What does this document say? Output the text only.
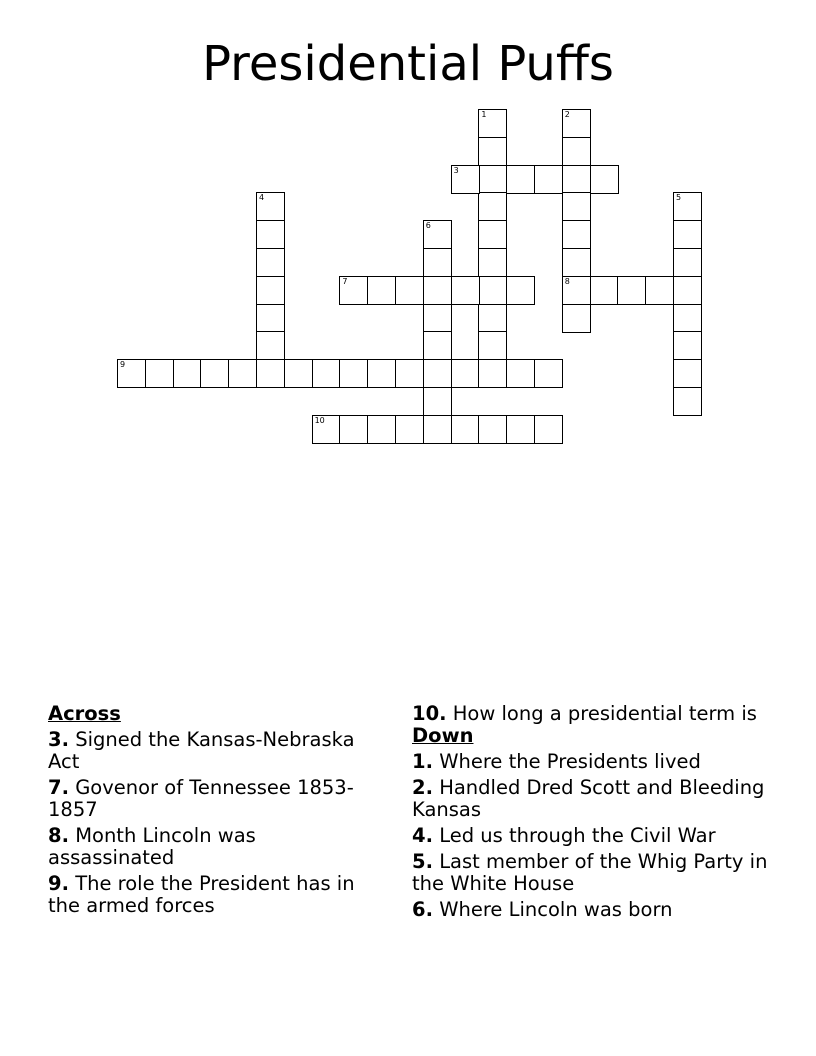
Presidential Puffs
1	2
8
3
4	5
6
7
9
10
Across
3. Signed the Kansas-Nebraska Act
7. Govenor of Tennessee 1853-1857
8. Month Lincoln was assassinated
9. The role the President has in the armed forces
10. How long a presidential term is
Down
1. Where the Presidents lived
2. Handled Dred Scott and Bleeding Kansas
4. Led us through the Civil War
5. Last member of the Whig Party in the White House
6. Where Lincoln was born
